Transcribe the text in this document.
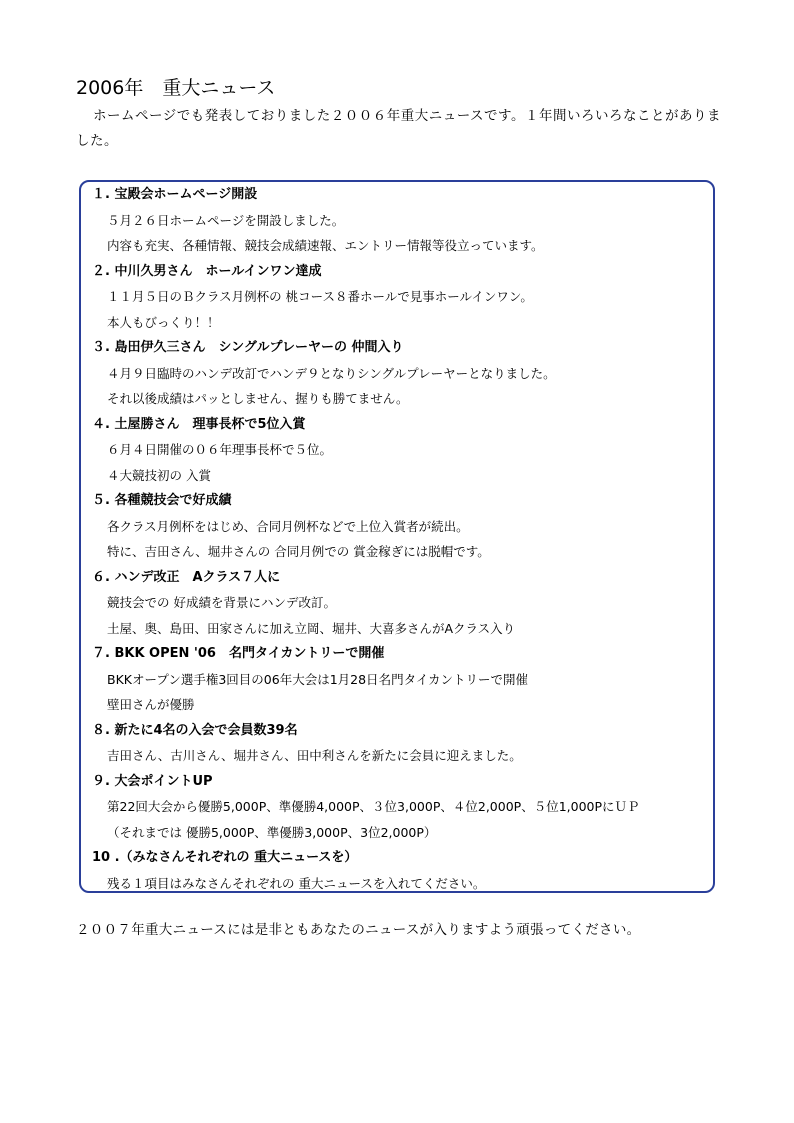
2006年　重大ニュース
ホームページでも発表しておりました２００６年重大ニュースです。１年間いろいろなことがありました。
１. 宝殿会ホームページ開設
５月２６日ホームページを開設しました。
内容も充実、各種情報、競技会成績速報、エントリー情報等役立っています。
２. 中川久男さん　ホールインワン達成
１１月５日のＢクラス月例杯の 桃コース８番ホールで見事ホールインワン。
本人もびっくり！！
３. 島田伊久三さん　シングルプレーヤーの 仲間入り
４月９日臨時のハンデ改訂でハンデ９となりシングルプレーヤーとなりました。
それ以後成績はパッとしません、握りも勝てません。
４. 土屋勝さん　理事長杯で5位入賞
６月４日開催の０６年理事長杯で５位。
４大競技初の 入賞
５. 各種競技会で好成績
各クラス月例杯をはじめ、合同月例杯などで上位入賞者が続出。
特に、吉田さん、堀井さんの 合同月例での 賞金稼ぎには脱帽です。
６. ハンデ改正　Aクラス７人に
競技会での 好成績を背景にハンデ改訂。
土屋、奥、島田、田家さんに加え立岡、堀井、大喜多さんがAクラス入り
７. BKK OPEN '06　名門タイカントリーで開催
BKKオープン選手権3回目の06年大会は1月28日名門タイカントリーで開催
壁田さんが優勝
８. 新たに4名の入会で会員数39名
吉田さん、古川さん、堀井さん、田中利さんを新たに会員に迎えました。
９. 大会ポイントUP
第22回大会から優勝5,000P、準優勝4,000P、３位3,000P、４位2,000P、５位1,000PにＵＰ
（それまでは 優勝5,000P、準優勝3,000P、3位2,000P）
10 .（みなさんそれぞれの 重大ニュースを）
残る１項目はみなさんそれぞれの 重大ニュースを入れてください。
２００７年重大ニュースには是非ともあなたのニュースが入りますよう頑張ってください。
